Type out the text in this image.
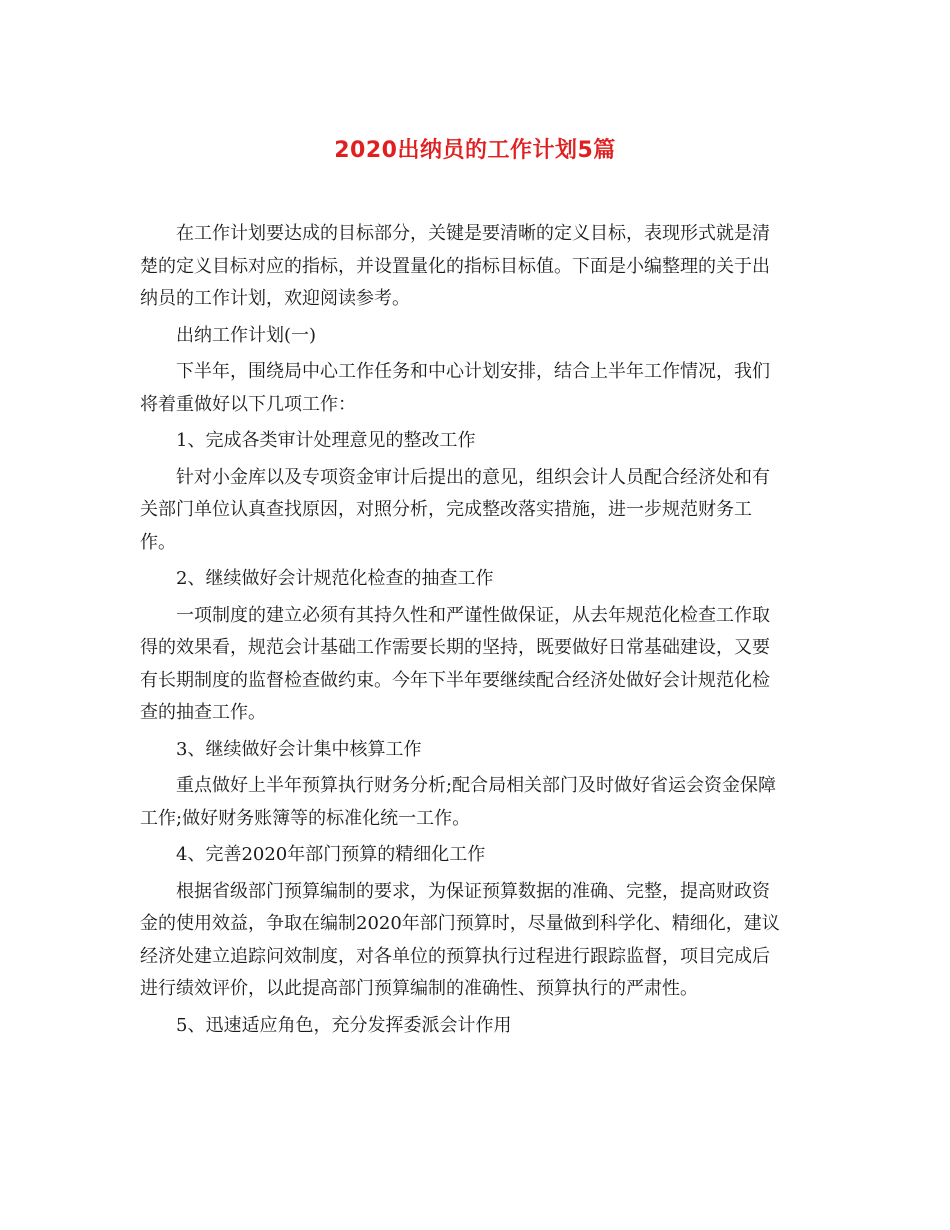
2020出纳员的工作计划5篇
在工作计划要达成的目标部分，关键是要清晰的定义目标，表现形式就是清
楚的定义目标对应的指标，并设置量化的指标目标值。下面是小编整理的关于出
纳员的工作计划，欢迎阅读参考。
出纳工作计划(一)
下半年，围绕局中心工作任务和中心计划安排，结合上半年工作情况，我们
将着重做好以下几项工作：
1、完成各类审计处理意见的整改工作
针对小金库以及专项资金审计后提出的意见，组织会计人员配合经济处和有
关部门单位认真查找原因，对照分析，完成整改落实措施，进一步规范财务工
作。
2、继续做好会计规范化检查的抽查工作
一项制度的建立必须有其持久性和严谨性做保证，从去年规范化检查工作取
得的效果看，规范会计基础工作需要长期的坚持，既要做好日常基础建设，又要
有长期制度的监督检查做约束。今年下半年要继续配合经济处做好会计规范化检
查的抽查工作。
3、继续做好会计集中核算工作
重点做好上半年预算执行财务分析;配合局相关部门及时做好省运会资金保障
工作;做好财务账簿等的标准化统一工作。
4、完善2020年部门预算的精细化工作
根据省级部门预算编制的要求，为保证预算数据的准确、完整，提高财政资
金的使用效益，争取在编制2020年部门预算时，尽量做到科学化、精细化，建议
经济处建立追踪问效制度，对各单位的预算执行过程进行跟踪监督，项目完成后
进行绩效评价，以此提高部门预算编制的准确性、预算执行的严肃性。
5、迅速适应角色，充分发挥委派会计作用
